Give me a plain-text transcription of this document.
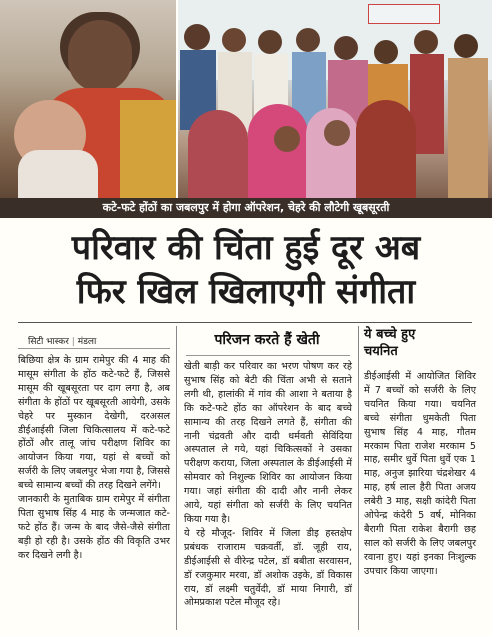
कटे-फटे होंठों का जबलपुर में होगा ऑपरेशन, चेहरे की लौटेगी खूबसूरती
परिवार की चिंता हुई दूर अब
फिर खिल खिलाएगी संगीता
सिटी भास्कर | मंडला

बिछिया क्षेत्र के ग्राम रामेपुर की 4 माह की मासूम संगीता के होंठ कटे-फटे हैं, जिससे मासूम की खूबसूरता पर दाग लगा है, अब संगीता के होंठों पर खूबसूरती आयेगी, उसके चेहरे पर मुस्कान देखेगी, दरअसल डीईआईसी जिला चिकित्सालय में कटे-फटे होंठों और तालू जांच परीक्षण शिविर का आयोजन किया गया, यहां से बच्चों को सर्जरी के लिए जबलपुर भेजा गया है, जिससे बच्चे सामान्य बच्चों की तरह दिखने लगेंगे।

जानकारी के मुताबिक ग्राम रामेपुर में संगीता पिता सुभाष सिंह 4 माह के जन्मजात कटे-फटे होंठ हैं। जन्म के बाद जैसे-जैसे संगीता बड़ी हो रही है। उसके होंठ की विकृति उभर कर दिखने लगी है।

परिजन करते हैं खेती

खेती बाड़ी कर परिवार का भरण पोषण कर रहे सुभाष सिंह को बेटी की चिंता अभी से सताने लगी थी, हालांकी में गांव की आशा ने बताया है कि कटे-फटे होंठ का ऑपरेशन के बाद बच्चे सामान्य की तरह दिखने लगते हैं, संगीता की नानी चंद्रवती और दादी धर्मवती सेविंदिया अस्पताल ले गये, यहां चिकित्सकों ने उसका परीक्षण कराया, जिला अस्पताल के डीईआईसी में सोमवार को निशुल्क शिविर का आयोजन किया गया। जहां संगीता की दादी और नानी लेकर आये, यहां संगीता को सर्जरी के लिए चयनित किया गया है।

ये रहे मौजूद- शिविर में जिला डीइ हस्तक्षेप प्रबंधक राजाराम चक्रवर्ती, डॉ. जूही राय, डीईआईसी से वीरेन्द्र पटेल, डॉ बबीता सरवासन, डॉ रजकुमार मरवा, डॉ अशोक उइके, डॉ विकास राय, डॉ लक्ष्मी चतुर्वेदी, डॉ माया निगारी, डॉ ओमप्रकाश पटेल मौजूद रहे।

ये बच्चे हुए
चयनित

डीईआईसी में आयोजित शिविर में 7 बच्चों को सर्जरी के लिए चयनित किया गया। चयनित बच्चे संगीता धुमकेती पिता सुभाष सिंह 4 माह, गौतम मरकाम पिता राजेश मरकाम 5 माह, समीर धुर्वे पिता धुर्वे एक 1 माह, अनुज झारिया चंद्रशेखर 4 माह, हर्ष लाल हैरी पिता अजय लबेरी 3 माह, सक्षी कांदेरी पिता ओपेन्द्र कंदेरी 5 वर्ष, मोनिका बैरागी पिता राकेश बैरागी छह साल को सर्जरी के लिए जबलपुर रवाना हुए। यहां इनका निःशुल्क उपचार किया जाएगा।
